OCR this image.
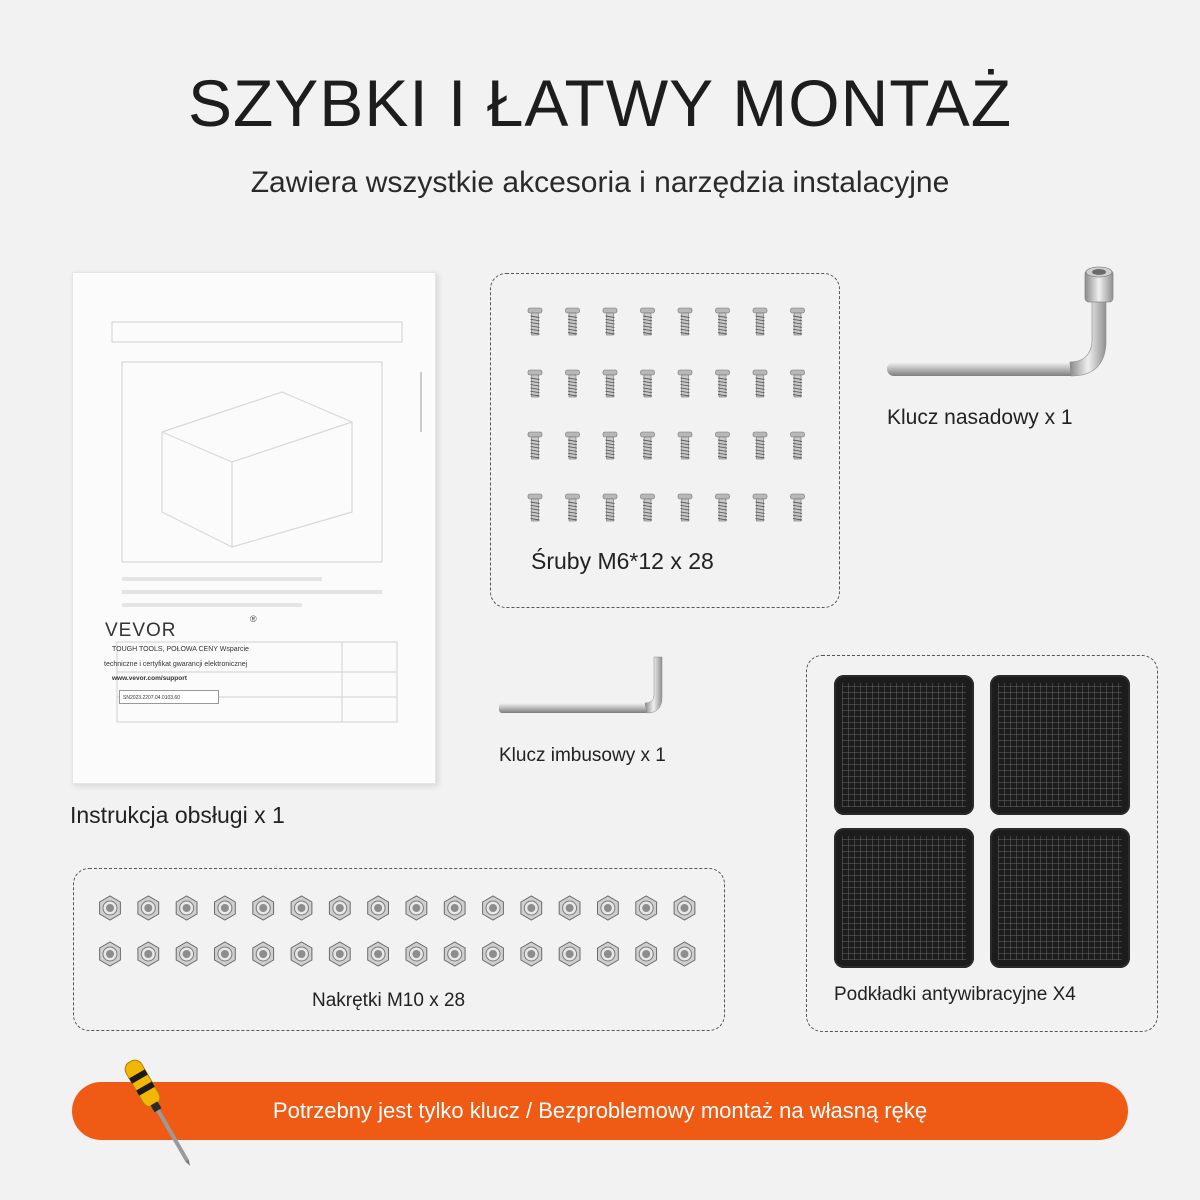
SZYBKI I ŁATWY MONTAŻ
Zawiera wszystkie akcesoria i narzędzia instalacyjne
VEVOR
®
TOUGH TOOLS, POŁOWA CENY Wsparcie
techniczne i certyfikat gwarancji elektronicznej
www.vevor.com/support
SN2023.2207.04.0103.60
Instrukcja obsługi x 1
Śruby M6*12 x 28
Klucz nasadowy x 1
Klucz imbusowy x 1
Podkładki antywibracyjne X4
Nakrętki M10 x 28
Potrzebny jest tylko klucz / Bezproblemowy montaż na własną rękę
